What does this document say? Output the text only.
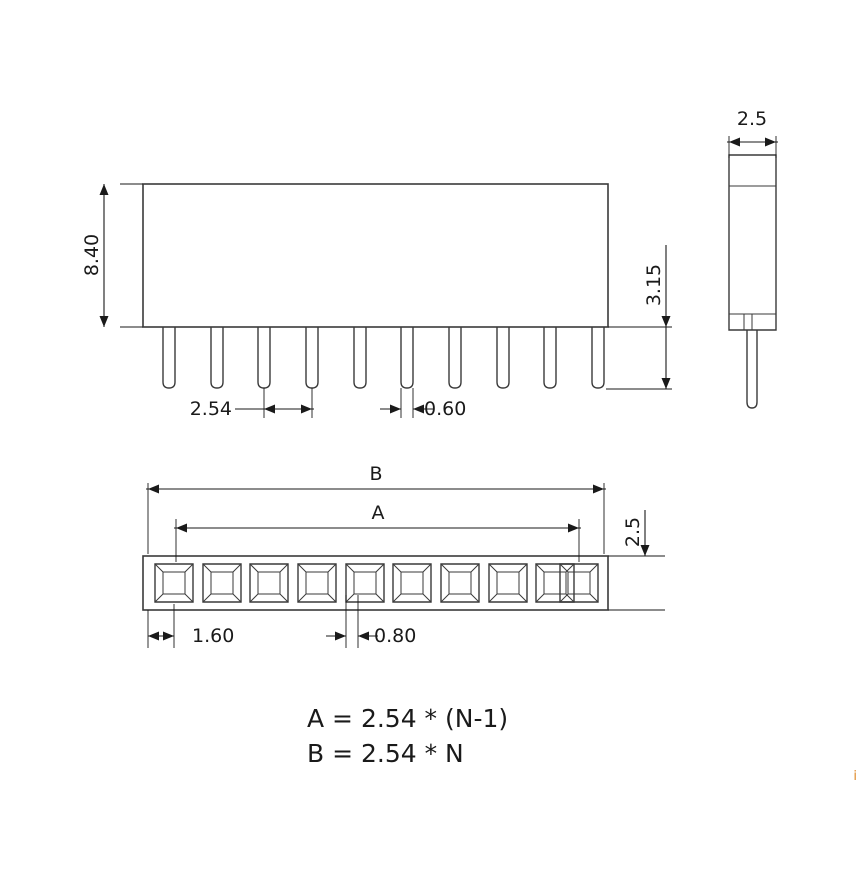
8.40
3.15
2.54	0.60
2.5
B
A
2.5
1.60	0.80
A = 2.54 * (N-1)
B = 2.54 * N
i
